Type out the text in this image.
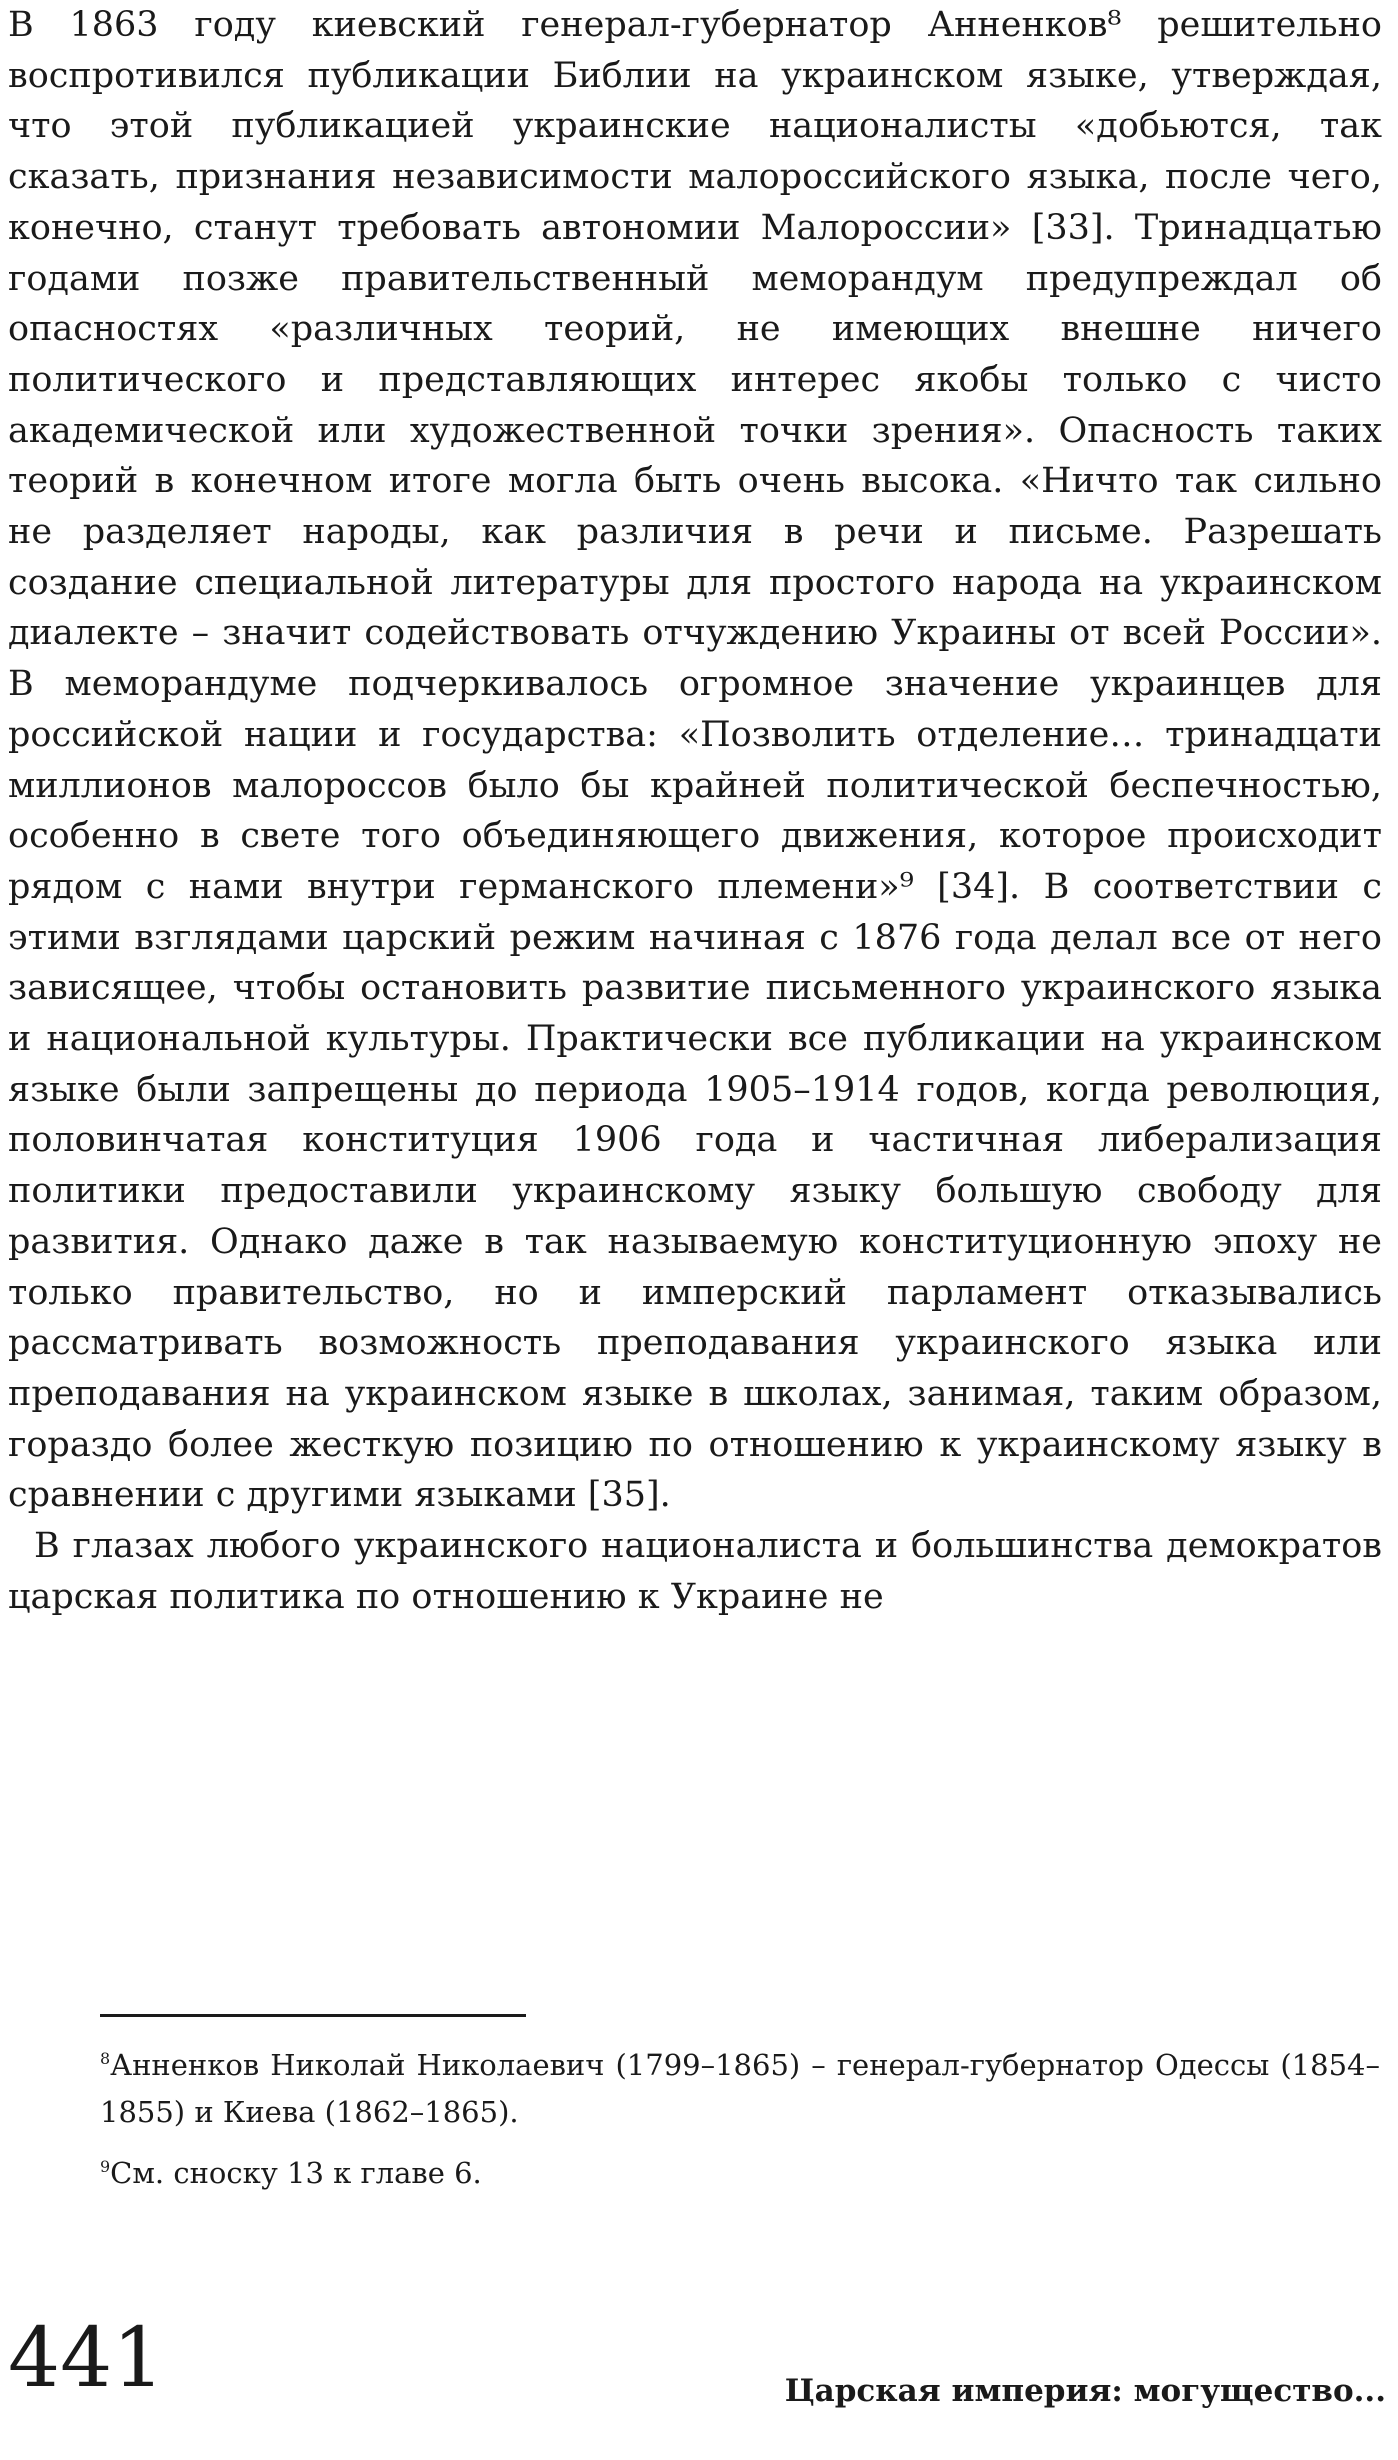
В 1863 году киевский генерал-губернатор Анненков⁸ решительно воспротивился публикации Библии на украинском языке, утверждая, что этой публикацией украинские националисты «добьются, так сказать, признания независимости малороссийского языка, после чего, конечно, станут требовать автономии Малороссии» [33]. Тринадцатью годами позже правительственный меморандум предупреждал об опасностях «различных теорий, не имеющих внешне ничего политического и представляющих интерес якобы только с чисто академической или художественной точки зрения». Опасность таких теорий в конечном итоге могла быть очень высока. «Ничто так сильно не разделяет народы, как различия в речи и письме. Разрешать создание специальной литературы для простого народа на украинском диалекте – значит содействовать отчуждению Украины от всей России». В меморандуме подчеркивалось огромное значение украинцев для российской нации и государства: «Позволить отделение… тринадцати миллионов малороссов было бы крайней политической беспечностью, особенно в свете того объединяющего движения, которое происходит рядом с нами внутри германского племени»⁹ [34]. В соответствии с этими взглядами царский режим начиная с 1876 года делал все от него зависящее, чтобы остановить развитие письменного украинского языка и национальной культуры. Практически все публикации на украинском языке были запрещены до периода 1905–1914 годов, когда революция, половинчатая конституция 1906 года и частичная либерализация политики предоставили украинскому языку большую свободу для развития. Однако даже в так называемую конституционную эпоху не только правительство, но и имперский парламент отказывались рассматривать возможность преподавания украинского языка или преподавания на украинском языке в школах, занимая, таким образом, гораздо более жесткую позицию по отношению к украинскому языку в сравнении с другими языками [35].

В глазах любого украинского националиста и большинства демократов царская политика по отношению к Украине не

$^8$Анненков Николай Николаевич (1799–1865) – генерал-губернатор Одессы (1854–1855) и Киева (1862–1865).

$^9$См. сноску 13 к главе 6.

441	Царская империя: могущество...
